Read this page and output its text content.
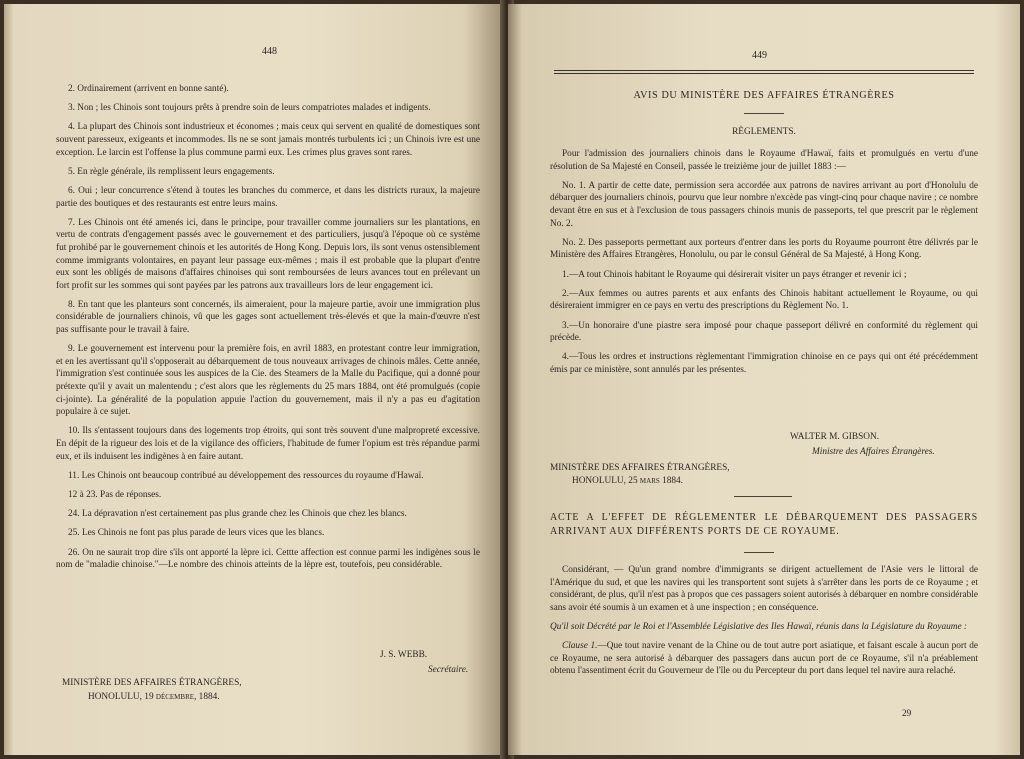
448

2. Ordinairement (arrivent en bonne santé).

3. Non ; les Chinois sont toujours prêts à prendre soin de leurs compatriotes malades et indigents.

4. La plupart des Chinois sont industrieux et économes ; mais ceux qui servent en qualité de domestiques sont souvent paresseux, exigeants et incommodes. Ils ne se sont jamais montrés turbulents ici ; un Chinois ivre est une exception. Le larcin est l'offense la plus commune parmi eux. Les crimes plus graves sont rares.

5. En règle générale, ils remplissent leurs engagements.

6. Oui ; leur concurrence s'étend à toutes les branches du commerce, et dans les districts ruraux, la majeure partie des boutiques et des restaurants est entre leurs mains.

7. Les Chinois ont été amenés ici, dans le principe, pour travailler comme journaliers sur les plantations, en vertu de contrats d'engagement passés avec le gouvernement et des particuliers, jusqu'à l'époque où ce système fut prohibé par le gouvernement chinois et les autorités de Hong Kong. Depuis lors, ils sont venus ostensiblement comme immigrants volontaires, en payant leur passage eux-mêmes ; mais il est probable que la plupart d'entre eux sont les obligés de maisons d'affaires chinoises qui sont remboursées de leurs avances tout en prélevant un fort profit sur les sommes qui sont payées par les patrons aux travailleurs lors de leur engagement ici.

8. En tant que les planteurs sont concernés, ils aimeraient, pour la majeure partie, avoir une immigration plus considérable de journaliers chinois, vû que les gages sont actuellement très-élevés et que la main-d'œuvre n'est pas suffisante pour le travail à faire.

9. Le gouvernement est intervenu pour la première fois, en avril 1883, en protestant contre leur immigration, et en les avertissant qu'il s'opposerait au débarquement de tous nouveaux arrivages de chinois mâles. Cette année, l'immigration s'est continuée sous les auspices de la Cie. des Steamers de la Malle du Pacifique, qui a donné pour prétexte qu'il y avait un malentendu ; c'est alors que les règlements du 25 mars 1884, ont été promulgués (copie ci-jointe). La généralité de la population appuie l'action du gouvernement, mais il n'y a pas eu d'agitation populaire à ce sujet.

10. Ils s'entassent toujours dans des logements trop étroits, qui sont très souvent d'une malpropreté excessive. En dépit de la rigueur des lois et de la vigilance des officiers, l'habitude de fumer l'opium est très répandue parmi eux, et ils induisent les indigènes à en faire autant.

11. Les Chinois ont beaucoup contribué au développement des ressources du royaume d'Hawaï.

12 à 23. Pas de réponses.

24. La dépravation n'est certainement pas plus grande chez les Chinois que chez les blancs.

25. Les Chinois ne font pas plus parade de leurs vices que les blancs.

26. On ne saurait trop dire s'ils ont apporté la lèpre ici. Cettte affection est connue parmi les indigènes sous le nom de "maladie chinoise."—Le nombre des chinois atteints de la lèpre est, toutefois, peu considérable.

J. S. WEBB.
Secrétaire.
MINISTÈRE DES AFFAIRES ÉTRANGÈRES,
HONOLULU, 19 décembre, 1884.
449
AVIS DU MINISTÈRE DES AFFAIRES ÉTRANGÈRES
RÈGLEMENTS.

Pour l'admission des journaliers chinois dans le Royaume d'Hawaï, faits et promulgués en vertu d'une résolution de Sa Majesté en Conseil, passée le treizième jour de juillet 1883 :—

No. 1. A partir de cette date, permission sera accordée aux patrons de navires arrivant au port d'Honolulu de débarquer des journaliers chinois, pourvu que leur nombre n'excède pas vingt-cinq pour chaque navire ; ce nombre devant être en sus et à l'exclusion de tous passagers chinois munis de passeports, tel que prescrit par le règlement No. 2.

No. 2. Des passeports permettant aux porteurs d'entrer dans les ports du Royaume pourront être délivrés par le Ministère des Affaires Etrangères, Honolulu, ou par le consul Général de Sa Majesté, à Hong Kong.

1.—A tout Chinois habitant le Royaume qui désirerait visiter un pays étranger et revenir ici ;

2.—Aux femmes ou autres parents et aux enfants des Chinois habitant actuellement le Royaume, ou qui désireraient immigrer en ce pays en vertu des prescriptions du Règlement No. 1.

3.—Un honoraire d'une piastre sera imposé pour chaque passeport délivré en conformité du règlement qui précède.

4.—Tous les ordres et instructions règlementant l'immigration chinoise en ce pays qui ont été précédemment émis par ce ministère, sont annulés par les présentes.

WALTER M. GIBSON.
Ministre des Affaires Étrangères.
MINISTÈRE DES AFFAIRES ÉTRANGÈRES,
HONOLULU, 25 mars 1884.
ACTE A L'EFFET DE RÉGLEMENTER LE DÉBARQUEMENT DES PASSAGERS ARRIVANT AUX DIFFÉRENTS PORTS DE CE ROYAUME.

Considérant, — Qu'un grand nombre d'immigrants se dirigent actuellement de l'Asie vers le littoral de l'Amérique du sud, et que les navires qui les transportent sont sujets à s'arrêter dans les ports de ce Royaume ; et considérant, de plus, qu'il n'est pas à propos que ces passagers soient autorisés à débarquer en nombre considérable sans avoir été soumis à un examen et à une inspection ; en conséquence.

Qu'il soit Décrété par le Roi et l'Assemblée Législative des Iles Hawaï, réunis dans la Législature du Royaume :

Clause 1.—Que tout navire venant de la Chine ou de tout autre port asiatique, et faisant escale à aucun port de ce Royaume, ne sera autorisé à débarquer des passagers dans aucun port de ce Royaume, s'il n'a préablement obtenu l'assentiment écrit du Gouverneur de l'île ou du Percepteur du port dans lequel tel navire aura relaché.

29
